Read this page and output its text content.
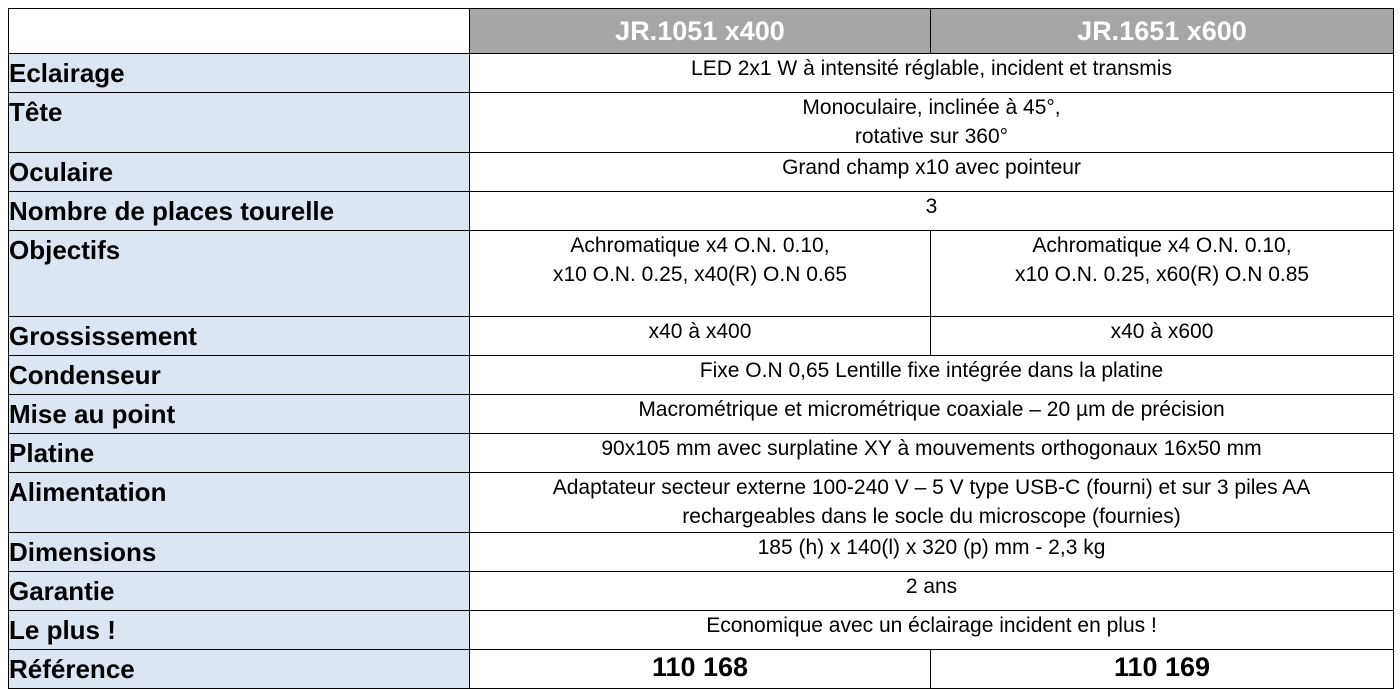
	JR.1051 x400	JR.1651 x600
Eclairage	LED 2x1 W à intensité réglable, incident et transmis	
Tête	Monoculaire, inclinée à 45°,
rotative sur 360°	

Oculaire	Grand champ x10 avec pointeur	
Nombre de places tourelle	3	
Objectifs	Achromatique x4 O.N. 0.10,
x10 O.N. 0.25, x40(R) O.N 0.65	Achromatique x4 O.N. 0.10,
x10 O.N. 0.25, x60(R) O.N 0.85

Grossissement	x40 à x400	x40 à x600
Condenseur	Fixe O.N 0,65 Lentille fixe intégrée dans la platine	
Mise au point	Macrométrique et micrométrique coaxiale – 20 µm de précision	
Platine	90x105 mm avec surplatine XY à mouvements orthogonaux 16x50 mm	
Alimentation	Adaptateur secteur externe 100-240 V – 5 V type USB-C (fourni) et sur 3 piles AA
rechargeables dans le socle du microscope (fournies)	

Dimensions	185 (h) x 140(l) x 320 (p) mm - 2,3 kg	
Garantie	2 ans	
Le plus !	Economique avec un éclairage incident en plus !	
Référence	110 168	110 169
